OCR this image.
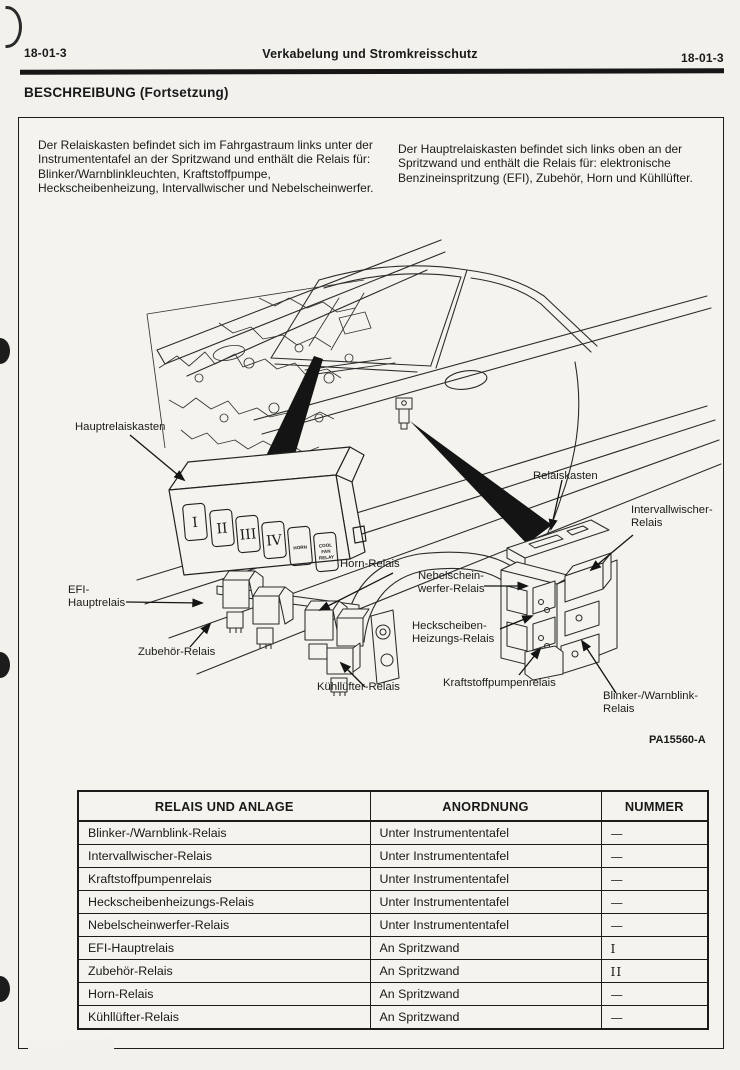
18-01-3	Verkabelung und Stromkreisschutz	18-01-3
BESCHREIBUNG (Fortsetzung)
Der Relaiskasten befindet sich im Fahrgastraum links unter der Instrumententafel an der Spritzwand und enthält die Relais für: Blinker/Warnblinkleuchten, Kraftstoffpumpe, Heckscheibenheizung, Intervallwischer und Nebelscheinwerfer.
Der Hauptrelaiskasten befindet sich links oben an der Spritzwand und enthält die Relais für: elektronische Benzineinspritzung (EFI), Zubehör, Horn und Kühllüfter.
I II III IV HORN	COOL
FAN
RELAY
Hauptrelaiskasten
Relaiskasten
Intervallwischer-
Relais
Horn-Relais
EFI-
Hauptrelais
Zubehör-Relais
Kühllüfter-Relais
Nebelschein-
werfer-Relais
Heckscheiben-
Heizungs-Relais
Kraftstoffpumpenrelais
Blinker-/Warnblink-
Relais
PA15560-A
RELAIS UND ANLAGE	ANORDNUNG	NUMMER
Blinker-/Warnblink-Relais	Unter Instrumententafel	—
Intervallwischer-Relais	Unter Instrumententafel	—
Kraftstoffpumpenrelais	Unter Instrumententafel	—
Heckscheibenheizungs-Relais	Unter Instrumententafel	—
Nebelscheinwerfer-Relais	Unter Instrumententafel	—
EFI-Hauptrelais	An Spritzwand	I
Zubehör-Relais	An Spritzwand	II
Horn-Relais	An Spritzwand	—
Kühllüfter-Relais	An Spritzwand	—
